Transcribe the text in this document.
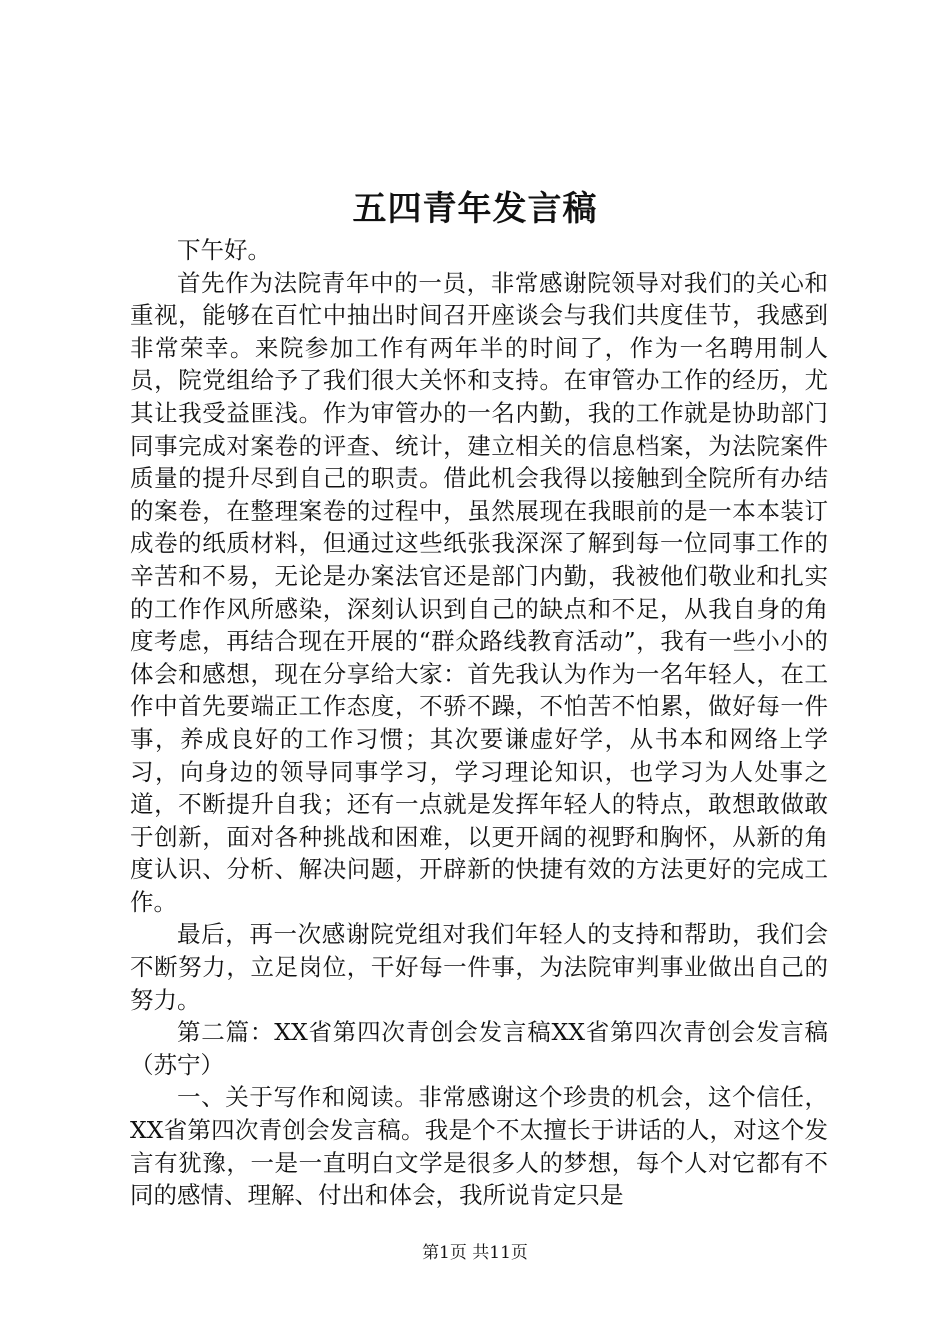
五四青年发言稿

下午好。

首先作为法院青年中的一员，非常感谢院领导对我们的关心和重视，能够在百忙中抽出时间召开座谈会与我们共度佳节，我感到非常荣幸。来院参加工作有两年半的时间了，作为一名聘用制人员，院党组给予了我们很大关怀和支持。在审管办工作的经历，尤其让我受益匪浅。作为审管办的一名内勤，我的工作就是协助部门同事完成对案卷的评查、统计，建立相关的信息档案，为法院案件质量的提升尽到自己的职责。借此机会我得以接触到全院所有办结的案卷，在整理案卷的过程中，虽然展现在我眼前的是一本本装订成卷的纸质材料，但通过这些纸张我深深了解到每一位同事工作的辛苦和不易，无论是办案法官还是部门内勤，我被他们敬业和扎实的工作作风所感染，深刻认识到自己的缺点和不足，从我自身的角度考虑，再结合现在开展的“群众路线教育活动”，我有一些小小的体会和感想，现在分享给大家：首先我认为作为一名年轻人，在工作中首先要端正工作态度，不骄不躁，不怕苦不怕累，做好每一件事，养成良好的工作习惯；其次要谦虚好学，从书本和网络上学习，向身边的领导同事学习，学习理论知识，也学习为人处事之道，不断提升自我；还有一点就是发挥年轻人的特点，敢想敢做敢于创新，面对各种挑战和困难，以更开阔的视野和胸怀，从新的角度认识、分析、解决问题，开辟新的快捷有效的方法更好的完成工作。

最后，再一次感谢院党组对我们年轻人的支持和帮助，我们会不断努力，立足岗位，干好每一件事，为法院审判事业做出自己的努力。

第二篇：XX省第四次青创会发言稿XX省第四次青创会发言稿（苏宁）

一、关于写作和阅读。非常感谢这个珍贵的机会，这个信任，XX省第四次青创会发言稿。我是个不太擅长于讲话的人，对这个发言有犹豫，一是一直明白文学是很多人的梦想，每个人对它都有不同的感情、理解、付出和体会，我所说肯定只是

第1页 共11页
